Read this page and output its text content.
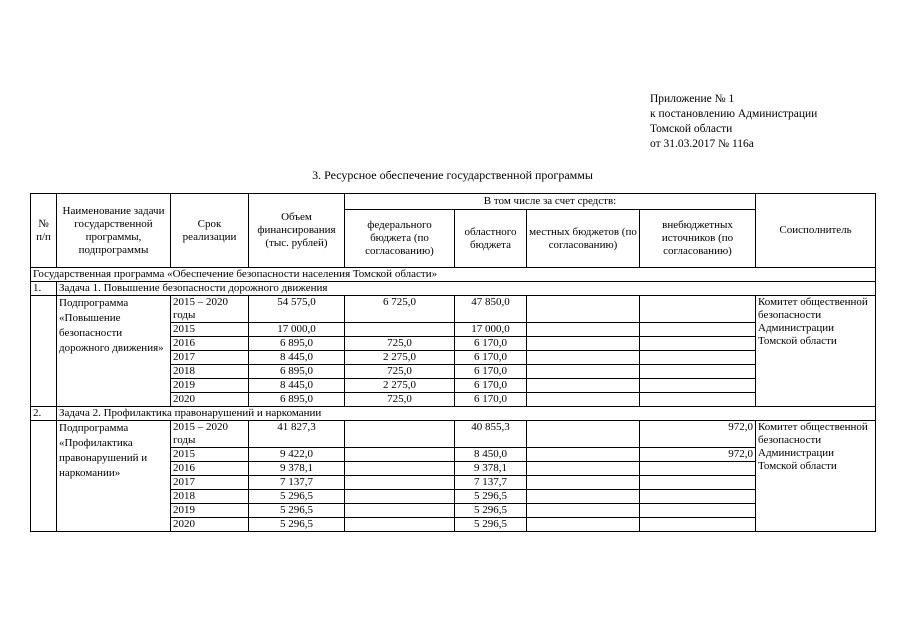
Приложение № 1
к постановлению Администрации
Томской области
от 31.03.2017 № 116а
3. Ресурсное обеспечение государственной программы
№ п/п	Наименование задачи государственной программы, подпрограммы	Срок реализации	Объем финансирования (тыс. рублей)	В том числе за счет средств:				Соисполнитель
				федерального бюджета (по согласованию)	областного бюджета	местных бюджетов (по согласованию)	внебюджетных источников (по согласованию)	
Государственная программа «Обеспечение безопасности населения Томской области»								
1.	Задача 1. Повышение безопасности дорожного движения							
	Подпрограмма «Повышение безопасности дорожного движения»	2015 – 2020 годы	54 575,0	6 725,0	47 850,0			Комитет общественной безопасности Администрации Томской области
		2015	17 000,0		17 000,0			
		2016	6 895,0	725,0	6 170,0			
		2017	8 445,0	2 275,0	6 170,0			
		2018	6 895,0	725,0	6 170,0			
		2019	8 445,0	2 275,0	6 170,0			
		2020	6 895,0	725,0	6 170,0			
2.	Задача 2. Профилактика правонарушений и наркомании							
	Подпрограмма «Профилактика правонарушений и наркомании»	2015 – 2020 годы	41 827,3		40 855,3		972,0	Комитет общественной безопасности Администрации Томской области
		2015	9 422,0		8 450,0		972,0	
		2016	9 378,1		9 378,1			
		2017	7 137,7		7 137,7			
		2018	5 296,5		5 296,5			
		2019	5 296,5		5 296,5			
		2020	5 296,5		5 296,5			
